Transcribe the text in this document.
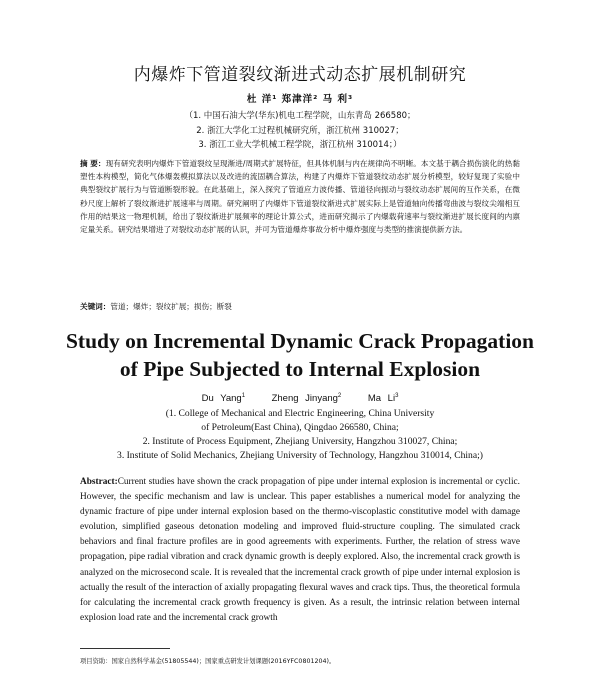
内爆炸下管道裂纹渐进式动态扩展机制研究
杜 洋¹ 郑津洋² 马 利³
（1. 中国石油大学(华东)机电工程学院，山东青岛 266580；
2. 浙江大学化工过程机械研究所，浙江杭州 310027；
3. 浙江工业大学机械工程学院，浙江杭州 310014；）

摘 要：现有研究表明内爆炸下管道裂纹呈现渐进/周期式扩展特征，但具体机制与内在规律尚不明晰。本文基于耦合损伤演化的热黏塑性本构模型，简化气体爆轰模拟算法以及改进的流固耦合算法，构建了内爆炸下管道裂纹动态扩展分析模型，较好复现了实验中典型裂纹扩展行为与管道断裂形貌。在此基础上，深入探究了管道应力波传播、管道径向振动与裂纹动态扩展间的互作关系，在微秒尺度上解析了裂纹渐进扩展速率与周期。研究阐明了内爆炸下管道裂纹渐进式扩展实际上是管道轴向传播弯曲波与裂纹尖端相互作用的结果这一物理机制，给出了裂纹渐进扩展频率的理论计算公式，进而研究揭示了内爆载荷速率与裂纹渐进扩展长度间的内禀定量关系。研究结果增进了对裂纹动态扩展的认识，并可为管道爆炸事故分析中爆炸强度与类型的推演提供新方法。

关键词：管道；爆炸；裂纹扩展；损伤；断裂

Study on Incremental Dynamic Crack Propagation
of Pipe Subjected to Internal Explosion
Du Yang$^1$	Zheng Jinyang$^2$	Ma Li$^3$
(1. College of Mechanical and Electric Engineering, China University
of Petroleum(East China), Qingdao 266580, China;
2. Institute of Process Equipment, Zhejiang University, Hangzhou 310027, China;
3. Institute of Solid Mechanics, Zhejiang University of Technology, Hangzhou 310014, China;)

Abstract:Current studies have shown the crack propagation of pipe under internal explosion is incremental or cyclic. However, the specific mechanism and law is unclear. This paper establishes a numerical model for analyzing the dynamic fracture of pipe under internal explosion based on the thermo-viscoplastic constitutive model with damage evolution, simplified gaseous detonation modeling and improved fluid-structure coupling. The simulated crack behaviors and final fracture profiles are in good agreements with experiments. Further, the relation of stress wave propagation, pipe radial vibration and crack dynamic growth is deeply explored. Also, the incremental crack growth is analyzed on the microsecond scale. It is revealed that the incremental crack growth of pipe under internal explosion is actually the result of the interaction of axially propagating flexural waves and crack tips. Thus, the theoretical formula for calculating the incremental crack growth frequency is given. As a result, the intrinsic relation between internal explosion load rate and the incremental crack growth

项目资助：国家自然科学基金(51805544)；国家重点研发计划课题(2016YFC0801204)。
